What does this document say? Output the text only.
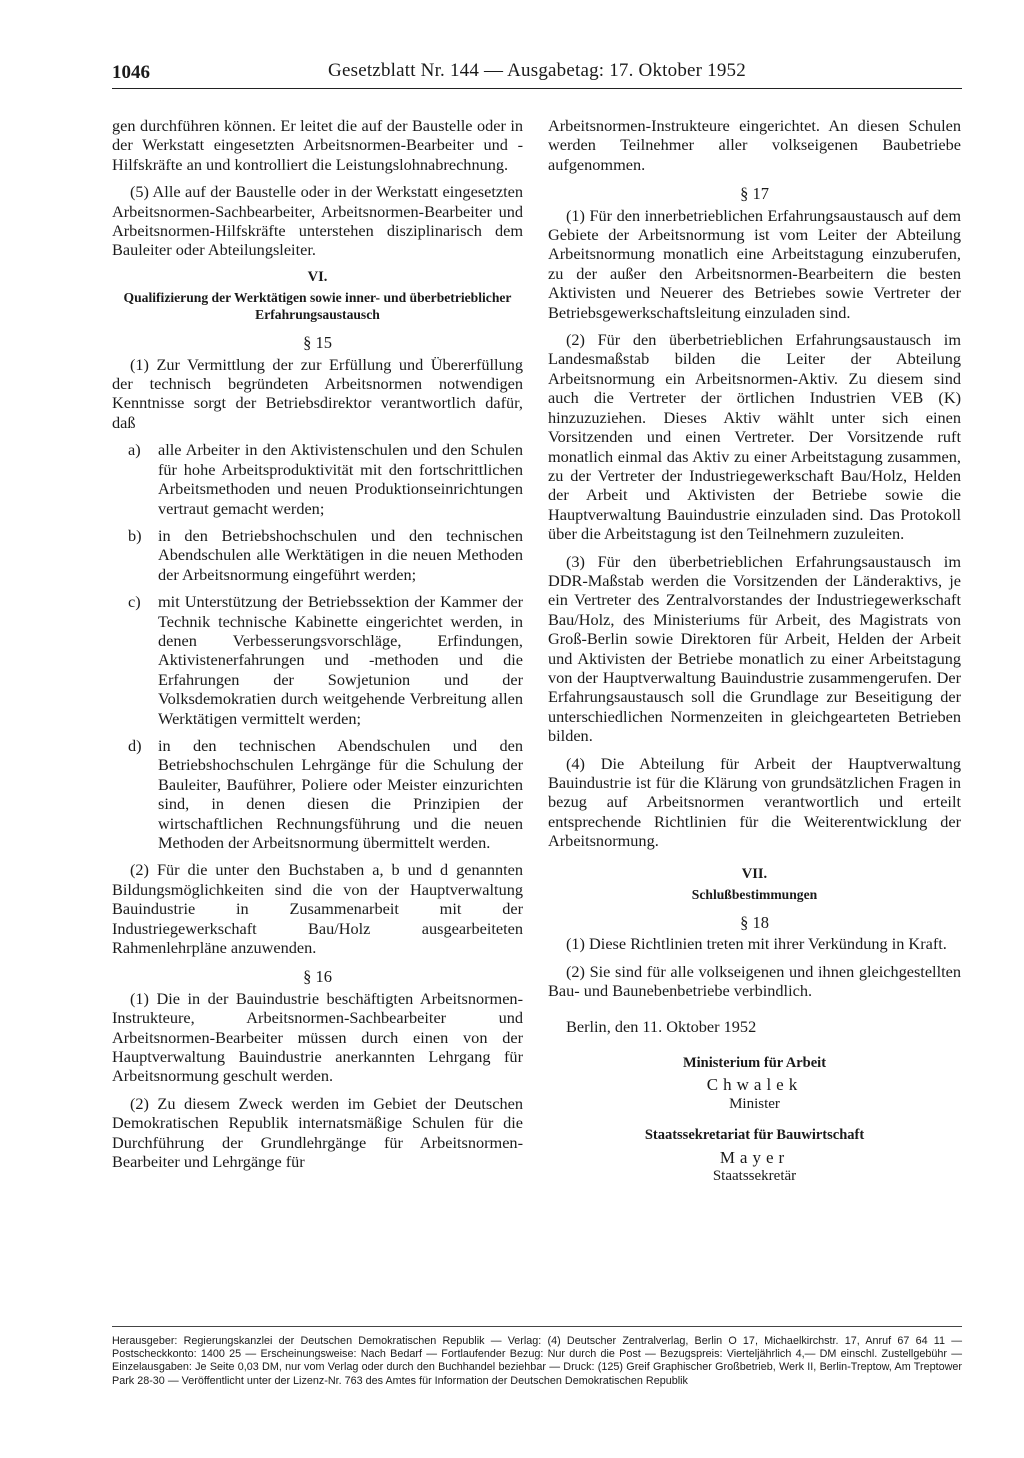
1046	Gesetzblatt Nr. 144 — Ausgabetag: 17. Oktober 1952

gen durchführen können. Er leitet die auf der Baustelle oder in der Werkstatt eingesetzten Arbeitsnormen-Bearbeiter und -Hilfskräfte an und kontrolliert die Leistungslohnabrechnung.

(5) Alle auf der Baustelle oder in der Werkstatt eingesetzten Arbeitsnormen-Sachbearbeiter, Arbeitsnormen-Bearbeiter und Arbeitsnormen-Hilfskräfte unterstehen disziplinarisch dem Bauleiter oder Abteilungsleiter.

VI.
Qualifizierung der Werktätigen sowie inner- und überbetrieblicher Erfahrungsaustausch
§ 15

(1) Zur Vermittlung der zur Erfüllung und Übererfüllung der technisch begründeten Arbeitsnormen notwendigen Kenntnisse sorgt der Betriebsdirektor verantwortlich dafür, daß

a)	alle Arbeiter in den Aktivistenschulen und den Schulen für hohe Arbeitsproduktivität mit den fortschrittlichen Arbeitsmethoden und neuen Produktionseinrichtungen vertraut gemacht werden;
b)	in den Betriebshochschulen und den technischen Abendschulen alle Werktätigen in die neuen Methoden der Arbeitsnormung eingeführt werden;
c)	mit Unterstützung der Betriebssektion der Kammer der Technik technische Kabinette eingerichtet werden, in denen Verbesserungsvorschläge, Erfindungen, Aktivistenerfahrungen und -methoden und die Erfahrungen der Sowjetunion und der Volksdemokratien durch weitgehende Verbreitung allen Werktätigen vermittelt werden;
d)	in den technischen Abendschulen und den Betriebshochschulen Lehrgänge für die Schulung der Bauleiter, Bauführer, Poliere oder Meister einzurichten sind, in denen diesen die Prinzipien der wirtschaftlichen Rechnungsführung und die neuen Methoden der Arbeitsnormung übermittelt werden.

(2) Für die unter den Buchstaben a, b und d genannten Bildungsmöglichkeiten sind die von der Hauptverwaltung Bauindustrie in Zusammenarbeit mit der Industriegewerkschaft Bau/Holz ausgearbeiteten Rahmenlehrpläne anzuwenden.

§ 16

(1) Die in der Bauindustrie beschäftigten Arbeitsnormen-Instrukteure, Arbeitsnormen-Sachbearbeiter und Arbeitsnormen-Bearbeiter müssen durch einen von der Hauptverwaltung Bauindustrie anerkannten Lehrgang für Arbeitsnormung geschult werden.

(2) Zu diesem Zweck werden im Gebiet der Deutschen Demokratischen Republik internatsmäßige Schulen für die Durchführung der Grundlehrgänge für Arbeitsnormen-Bearbeiter und Lehrgänge für

Arbeitsnormen-Instrukteure eingerichtet. An diesen Schulen werden Teilnehmer aller volkseigenen Baubetriebe aufgenommen.

§ 17

(1) Für den innerbetrieblichen Erfahrungsaustausch auf dem Gebiete der Arbeitsnormung ist vom Leiter der Abteilung Arbeitsnormung monatlich eine Arbeitstagung einzuberufen, zu der außer den Arbeitsnormen-Bearbeitern die besten Aktivisten und Neuerer des Betriebes sowie Vertreter der Betriebsgewerkschaftsleitung einzuladen sind.

(2) Für den überbetrieblichen Erfahrungsaustausch im Landesmaßstab bilden die Leiter der Abteilung Arbeitsnormung ein Arbeitsnormen-Aktiv. Zu diesem sind auch die Vertreter der örtlichen Industrien VEB (K) hinzuzuziehen. Dieses Aktiv wählt unter sich einen Vorsitzenden und einen Vertreter. Der Vorsitzende ruft monatlich einmal das Aktiv zu einer Arbeitstagung zusammen, zu der Vertreter der Industriegewerkschaft Bau/Holz, Helden der Arbeit und Aktivisten der Betriebe sowie die Hauptverwaltung Bauindustrie einzuladen sind. Das Protokoll über die Arbeitstagung ist den Teilnehmern zuzuleiten.

(3) Für den überbetrieblichen Erfahrungsaustausch im DDR-Maßstab werden die Vorsitzenden der Länderaktivs, je ein Vertreter des Zentralvorstandes der Industriegewerkschaft Bau/Holz, des Ministeriums für Arbeit, des Magistrats von Groß-Berlin sowie Direktoren für Arbeit, Helden der Arbeit und Aktivisten der Betriebe monatlich zu einer Arbeitstagung von der Hauptverwaltung Bauindustrie zusammengerufen. Der Erfahrungsaustausch soll die Grundlage zur Beseitigung der unterschiedlichen Normenzeiten in gleichgearteten Betrieben bilden.

(4) Die Abteilung für Arbeit der Hauptverwaltung Bauindustrie ist für die Klärung von grundsätzlichen Fragen in bezug auf Arbeitsnormen verantwortlich und erteilt entsprechende Richtlinien für die Weiterentwicklung der Arbeitsnormung.

VII.
Schlußbestimmungen
§ 18

(1) Diese Richtlinien treten mit ihrer Verkündung in Kraft.

(2) Sie sind für alle volkseigenen und ihnen gleichgestellten Bau- und Baunebenbetriebe verbindlich.

Berlin, den 11. Oktober 1952
Ministerium für Arbeit
Chwalek
Minister
Staatssekretariat für Bauwirtschaft
Mayer
Staatssekretär
Herausgeber: Regierungskanzlei der Deutschen Demokratischen Republik — Verlag: (4) Deutscher Zentralverlag, Berlin O 17, Michaelkirchstr. 17, Anruf 67 64 11 — Postscheckkonto: 1400 25 — Erscheinungsweise: Nach Bedarf — Fortlaufender Bezug: Nur durch die Post — Bezugspreis: Vierteljährlich 4,— DM einschl. Zustellgebühr — Einzelausgaben: Je Seite 0,03 DM, nur vom Verlag oder durch den Buchhandel beziehbar — Druck: (125) Greif Graphischer Großbetrieb, Werk II, Berlin-Treptow, Am Treptower Park 28-30 — Veröffentlicht unter der Lizenz-Nr. 763 des Amtes für Information der Deutschen Demokratischen Republik
